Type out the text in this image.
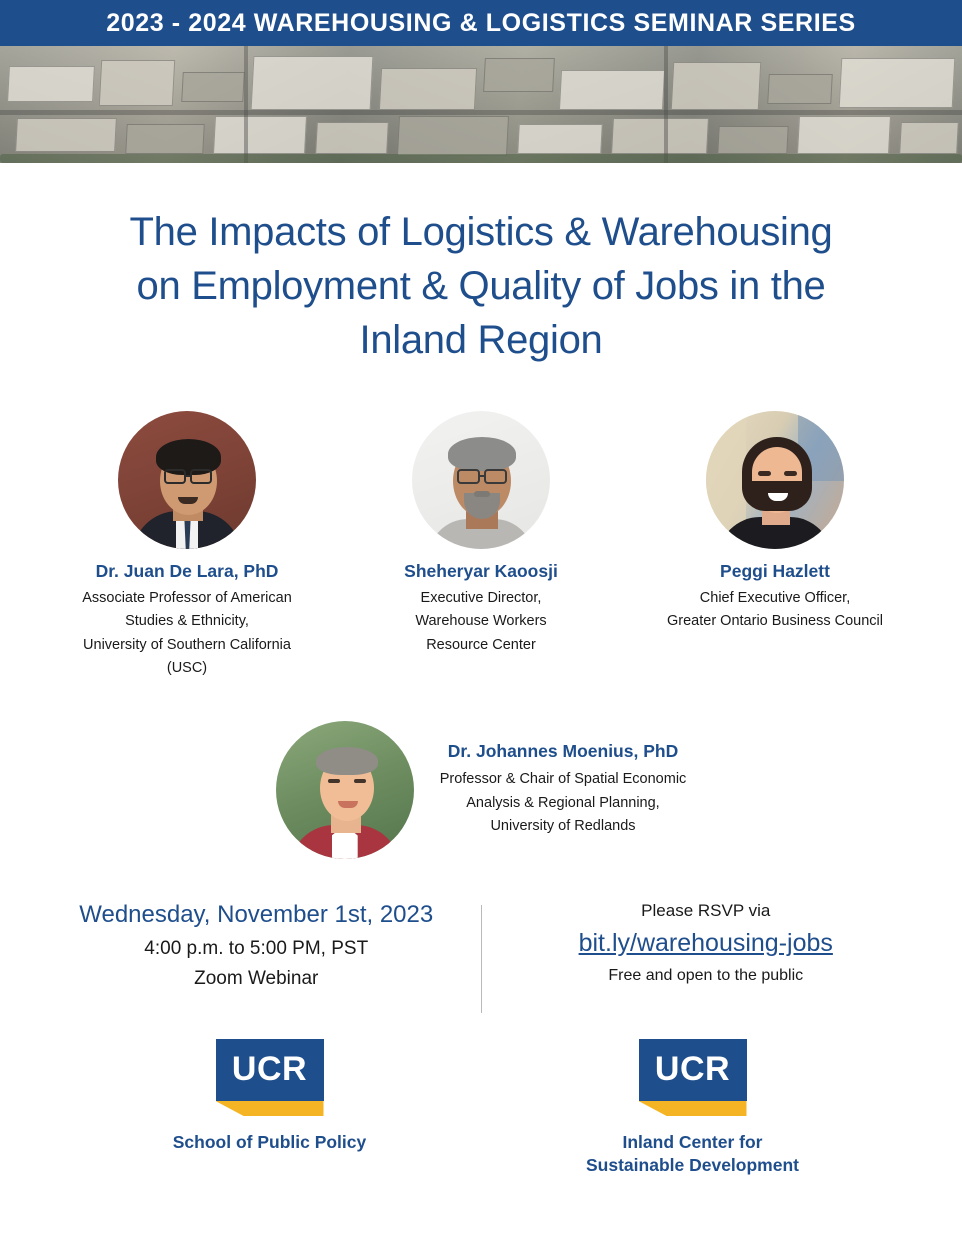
2023 - 2024 WAREHOUSING & LOGISTICS SEMINAR SERIES
The Impacts of Logistics & Warehousing
on Employment & Quality of Jobs in the
Inland Region
Dr. Juan De Lara, PhD
Associate Professor of American
Studies & Ethnicity,
University of Southern California
(USC)
Sheheryar Kaoosji
Executive Director,
Warehouse Workers
Resource Center
Peggi Hazlett
Chief Executive Officer,
Greater Ontario Business Council
Dr. Johannes Moenius, PhD
Professor & Chair of Spatial Economic
Analysis & Regional Planning,
University of Redlands
Wednesday, November 1st, 2023
4:00 p.m. to 5:00 PM, PST
Zoom Webinar
Please RSVP via
bit.ly/warehousing-jobs
Free and open to the public
UCR
School of Public Policy
UCR
Inland Center for
Sustainable Development
